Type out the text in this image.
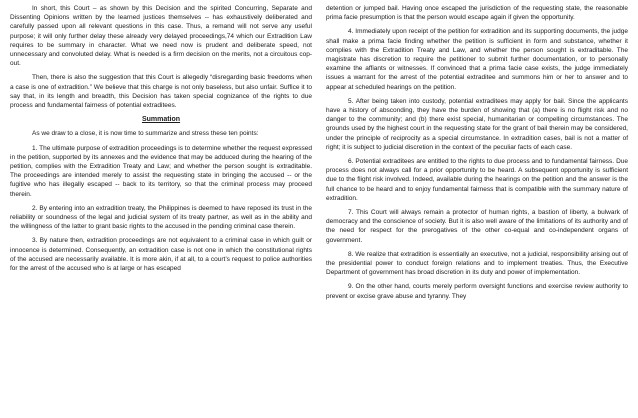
In short, this Court – as shown by this Decision and the spirited Concurring, Separate and Dissenting Opinions written by the learned justices themselves -- has exhaustively deliberated and carefully passed upon all relevant questions in this case. Thus, a remand will not serve any useful purpose; it will only further delay these already very delayed proceedings,74 which our Extradition Law requires to be summary in character. What we need now is prudent and deliberate speed, not unnecessary and convoluted delay. What is needed is a firm decision on the merits, not a circuitous cop-out.

Then, there is also the suggestion that this Court is allegedly “disregarding basic freedoms when a case is one of extradition.” We believe that this charge is not only baseless, but also unfair. Suffice it to say that, in its length and breadth, this Decision has taken special cognizance of the rights to due process and fundamental fairness of potential extraditees.

Summation

As we draw to a close, it is now time to summarize and stress these ten points:

1. The ultimate purpose of extradition proceedings is to determine whether the request expressed in the petition, supported by its annexes and the evidence that may be adduced during the hearing of the petition, complies with the Extradition Treaty and Law; and whether the person sought is extraditable. The proceedings are intended merely to assist the requesting state in bringing the accused -- or the fugitive who has illegally escaped -- back to its territory, so that the criminal process may proceed therein.

2. By entering into an extradition treaty, the Philippines is deemed to have reposed its trust in the reliability or soundness of the legal and judicial system of its treaty partner, as well as in the ability and the willingness of the latter to grant basic rights to the accused in the pending criminal case therein.

3. By nature then, extradition proceedings are not equivalent to a criminal case in which guilt or innocence is determined. Consequently, an extradition case is not one in which the constitutional rights of the accused are necessarily available. It is more akin, if at all, to a court’s request to police authorities for the arrest of the accused who is at large or has escaped

detention or jumped bail. Having once escaped the jurisdiction of the requesting state, the reasonable prima facie presumption is that the person would escape again if given the opportunity.

4. Immediately upon receipt of the petition for extradition and its supporting documents, the judge shall make a prima facie finding whether the petition is sufficient in form and substance, whether it complies with the Extradition Treaty and Law, and whether the person sought is extraditable. The magistrate has discretion to require the petitioner to submit further documentation, or to personally examine the affiants or witnesses. If convinced that a prima facie case exists, the judge immediately issues a warrant for the arrest of the potential extraditee and summons him or her to answer and to appear at scheduled hearings on the petition.

5. After being taken into custody, potential extraditees may apply for bail. Since the applicants have a history of absconding, they have the burden of showing that (a) there is no flight risk and no danger to the community; and (b) there exist special, humanitarian or compelling circumstances. The grounds used by the highest court in the requesting state for the grant of bail therein may be considered, under the principle of reciprocity as a special circumstance. In extradition cases, bail is not a matter of right; it is subject to judicial discretion in the context of the peculiar facts of each case.

6. Potential extraditees are entitled to the rights to due process and to fundamental fairness. Due process does not always call for a prior opportunity to be heard. A subsequent opportunity is sufficient due to the flight risk involved. Indeed, available during the hearings on the petition and the answer is the full chance to be heard and to enjoy fundamental fairness that is compatible with the summary nature of extradition.

7. This Court will always remain a protector of human rights, a bastion of liberty, a bulwark of democracy and the conscience of society. But it is also well aware of the limitations of its authority and of the need for respect for the prerogatives of the other co-equal and co-independent organs of government.

8. We realize that extradition is essentially an executive, not a judicial, responsibility arising out of the presidential power to conduct foreign relations and to implement treaties. Thus, the Executive Department of government has broad discretion in its duty and power of implementation.

9. On the other hand, courts merely perform oversight functions and exercise review authority to prevent or excise grave abuse and tyranny. They
